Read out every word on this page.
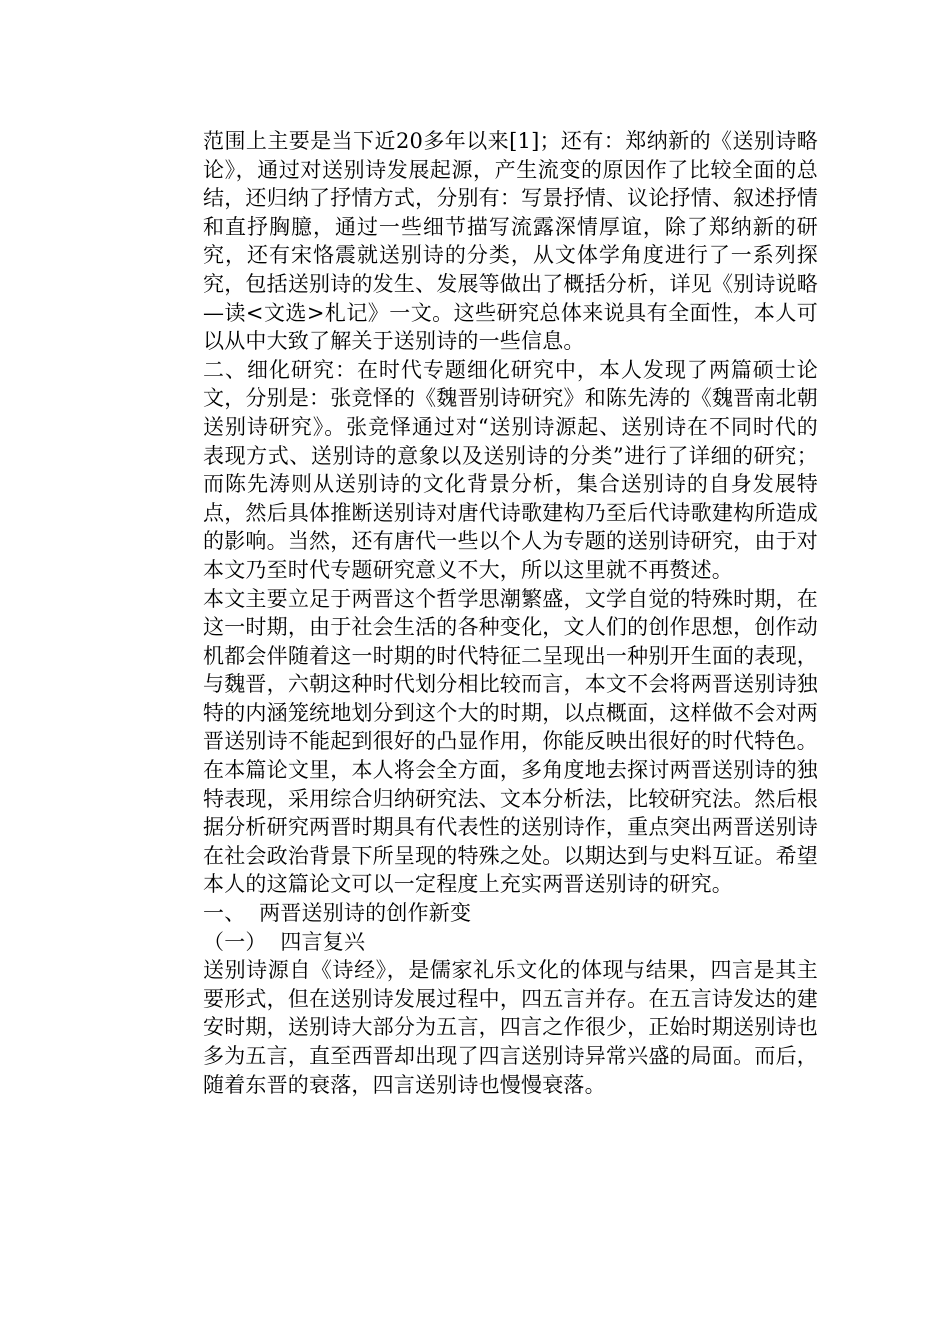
范围上主要是当下近20多年以来[1]；还有：郑纳新的《送别诗略论》，通过对送别诗发展起源，产生流变的原因作了比较全面的总结，还归纳了抒情方式，分别有：写景抒情、议论抒情、叙述抒情和直抒胸臆，通过一些细节描写流露深情厚谊，除了郑纳新的研究，还有宋恪震就送别诗的分类，从文体学角度进行了一系列探究，包括送别诗的发生、发展等做出了概括分析，详见《别诗说略—读<文选>札记》一文。这些研究总体来说具有全面性，本人可以从中大致了解关于送别诗的一些信息。

二、细化研究：在时代专题细化研究中，本人发现了两篇硕士论文，分别是：张竞怿的《魏晋别诗研究》和陈先涛的《魏晋南北朝送别诗研究》。张竞怿通过对“送别诗源起、送别诗在不同时代的表现方式、送别诗的意象以及送别诗的分类”进行了详细的研究；而陈先涛则从送别诗的文化背景分析，集合送别诗的自身发展特点，然后具体推断送别诗对唐代诗歌建构乃至后代诗歌建构所造成的影响。当然，还有唐代一些以个人为专题的送别诗研究，由于对本文乃至时代专题研究意义不大，所以这里就不再赘述。

本文主要立足于两晋这个哲学思潮繁盛，文学自觉的特殊时期，在这一时期，由于社会生活的各种变化，文人们的创作思想，创作动机都会伴随着这一时期的时代特征二呈现出一种别开生面的表现，与魏晋，六朝这种时代划分相比较而言，本文不会将两晋送别诗独特的内涵笼统地划分到这个大的时期，以点概面，这样做不会对两晋送别诗不能起到很好的凸显作用，你能反映出很好的时代特色。

在本篇论文里，本人将会全方面，多角度地去探讨两晋送别诗的独特表现，采用综合归纳研究法、文本分析法，比较研究法。然后根据分析研究两晋时期具有代表性的送别诗作，重点突出两晋送别诗在社会政治背景下所呈现的特殊之处。以期达到与史料互证。希望本人的这篇论文可以一定程度上充实两晋送别诗的研究。

一、  两晋送别诗的创作新变

（一）  四言复兴

送别诗源自《诗经》，是儒家礼乐文化的体现与结果，四言是其主要形式，但在送别诗发展过程中，四五言并存。在五言诗发达的建安时期，送别诗大部分为五言，四言之作很少，正始时期送别诗也多为五言，直至西晋却出现了四言送别诗异常兴盛的局面。而后，随着东晋的衰落，四言送别诗也慢慢衰落。
